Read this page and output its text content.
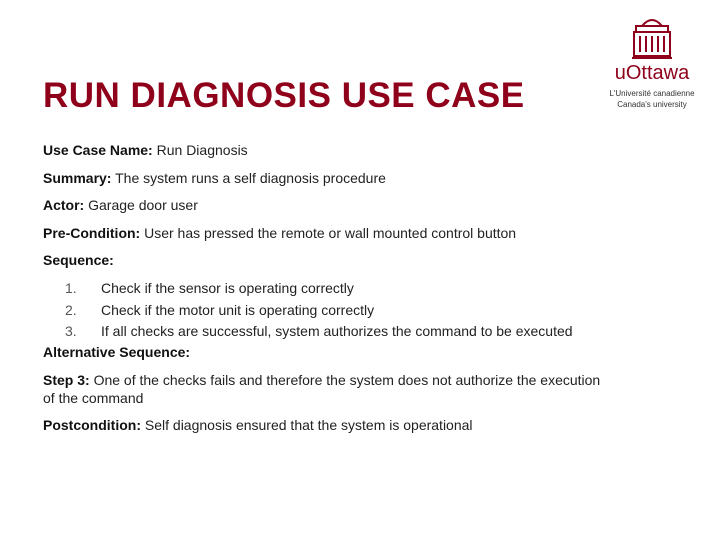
RUN DIAGNOSIS USE CASE
uOttawa
L'Université canadienne
Canada's university

Use Case Name: Run Diagnosis

Summary: The system runs a self diagnosis procedure

Actor: Garage door user

Pre-Condition: User has pressed the remote or wall mounted control button

Sequence:
1. Check if the sensor is operating correctly
2. Check if the motor unit is operating correctly
3. If all checks are successful, system authorizes the command to be executed
Alternative Sequence:

Step 3: One of the checks fails and therefore the system does not authorize the execution of the command

Postcondition: Self diagnosis ensured that the system is operational
